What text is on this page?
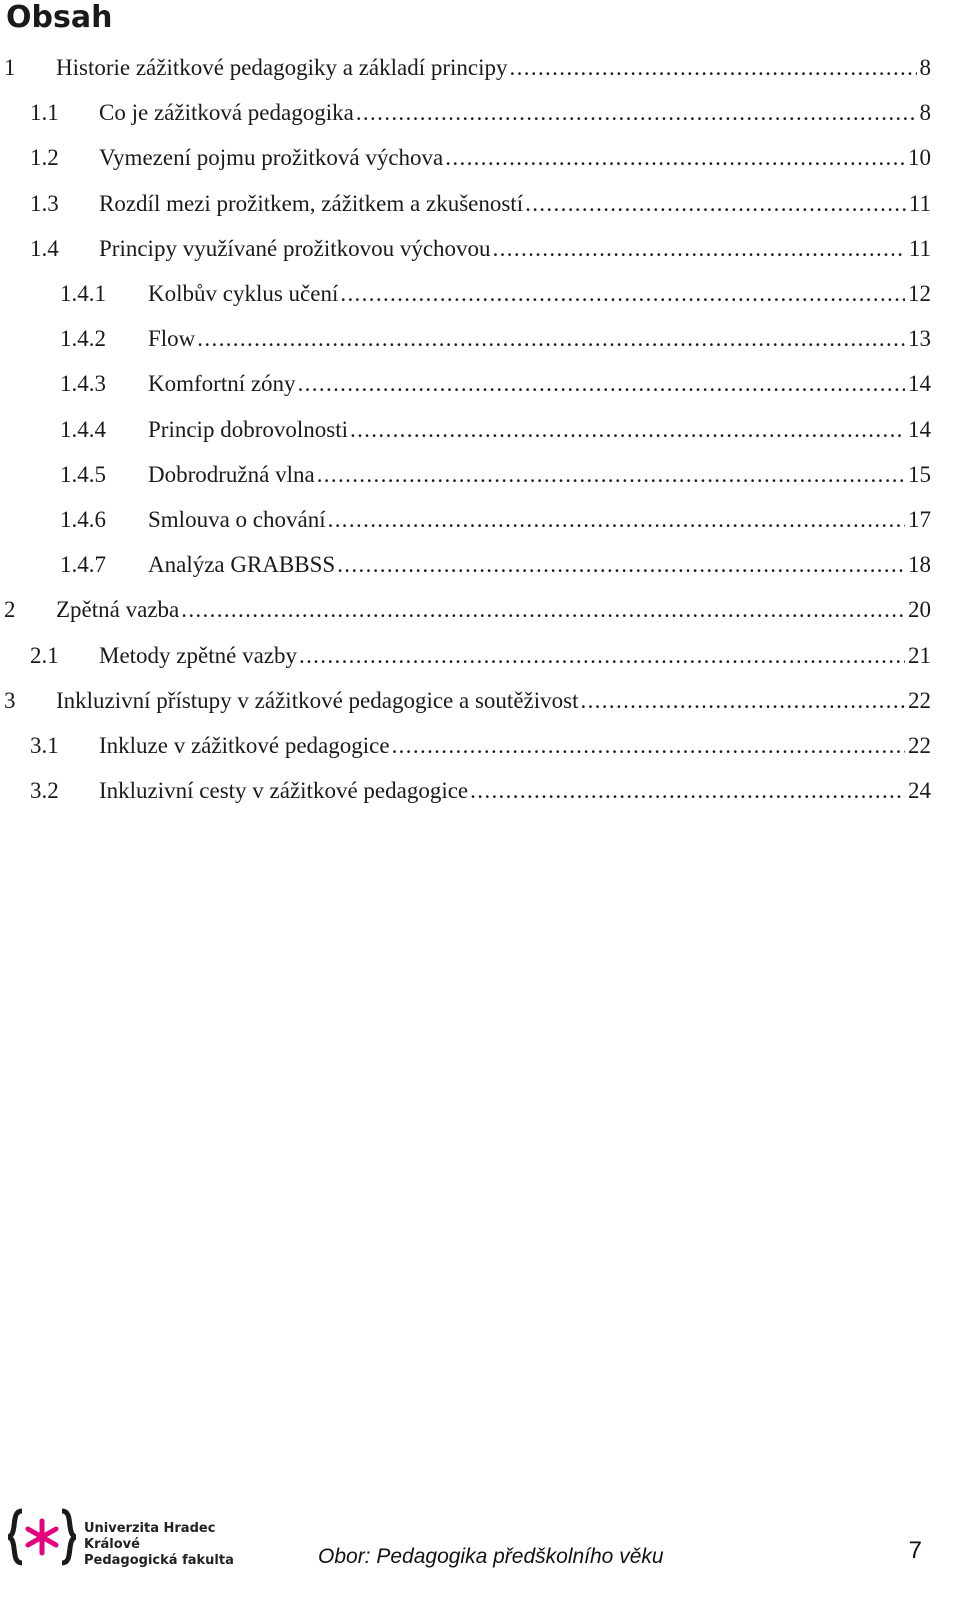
Obsah
1	Historie zážitkové pedagogiky a základí principy . . .	8
1.1	Co je zážitková pedagogika . . .	8
1.2	Vymezení pojmu prožitková výchova . . .	10
1.3	Rozdíl mezi prožitkem, zážitkem a zkušeností . . .	11
1.4	Principy využívané prožitkovou výchovou . . .	11
1.4.1	Kolbův cyklus učení . . .	12
1.4.2	Flow . . .	13
1.4.3	Komfortní zóny . . .	14
1.4.4	Princip dobrovolnosti . . .	14
1.4.5	Dobrodružná vlna . . .	15
1.4.6	Smlouva o chování . . .	17
1.4.7	Analýza GRABBSS . . .	18
2	Zpětná vazba . . .	20
2.1	Metody zpětné vazby . . .	21
3	Inkluzivní přístupy v zážitkové pedagogice a soutěživost . . .	22
3.1	Inkluze v zážitkové pedagogice . . .	22
3.2	Inkluzivní cesty v zážitkové pedagogice . . .	24
Univerzita Hradec Králové
Pedagogická fakulta	Obor: Pedagogika předškolního věku	7
